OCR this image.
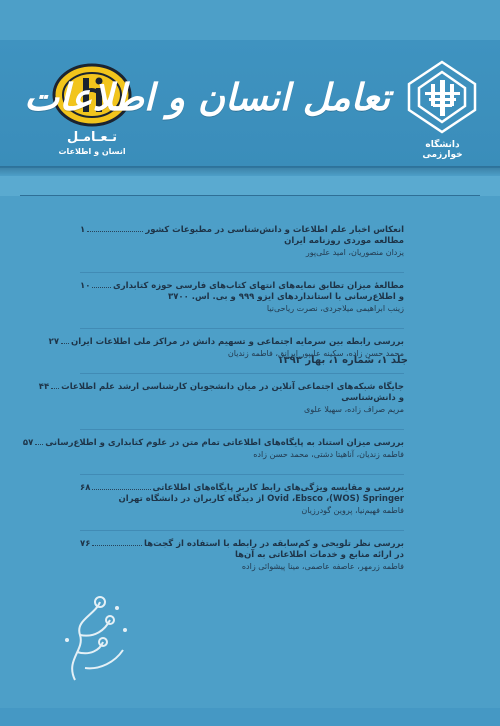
تـعـامـل
انسان و اطلاعات
تعامل انسان و اطلاعات
دانشگاه خوارزمی
جلد ۱، شماره ۱، بهار ۱۳۹۳
انعکاس اخبار علم اطلاعات و دانش‌شناسی در مطبوعات کشور
۱
مطالعه موردی روزنامه ایران
یزدان منصوریان، امید علی‌پور
مطالعهٔ میزان تطابق نمایه‌های انتهای کتاب‌های فارسی حوزه کتابداری
۱۰
و اطلاع‌رسانی با استانداردهای ایزو ۹۹۹ و بی. اس. ۳۷۰۰
زینب ابراهیمی میلاجردی، نصرت ریاحی‌نیا
بررسی رابطه بین سرمایه اجتماعی و تسهیم دانش در مراکز ملی اطلاعات ایران
۲۷
محمد حسن زاده، سکینه علیپور ایرانق، فاطمه زندیان
جایگاه شبکه‌های اجتماعی آنلاین در میان دانشجویان کارشناسی ارشد علم اطلاعات
۴۴
و دانش‌شناسی
مریم صراف زاده، سهیلا علوی
بررسی میزان استناد به پایگاه‌های اطلاعاتی تمام متن در علوم کتابداری و اطلاع‌رسانی
۵۷
فاطمه زندیان، آناهیتا دشتی، محمد حسن زاده
بررسی و مقایسه ویژگی‌های رابط کاربر پایگاه‌های اطلاعاتی
۶۸
Ovid ،Ebsco ،(WOS) Springer از دیدگاه کاربران در دانشگاه تهران
فاطمه فهیم‌نیا، پروین گودرزیان
بررسی نظر تلویحی و کم‌سابقه در رابطه با استفاده از گجت‌ها
۷۶
در ارائه منابع و خدمات اطلاعاتی به آن‌ها
فاطمه زرمهر، عاصفه عاصمی، مینا پیشوائی زاده
